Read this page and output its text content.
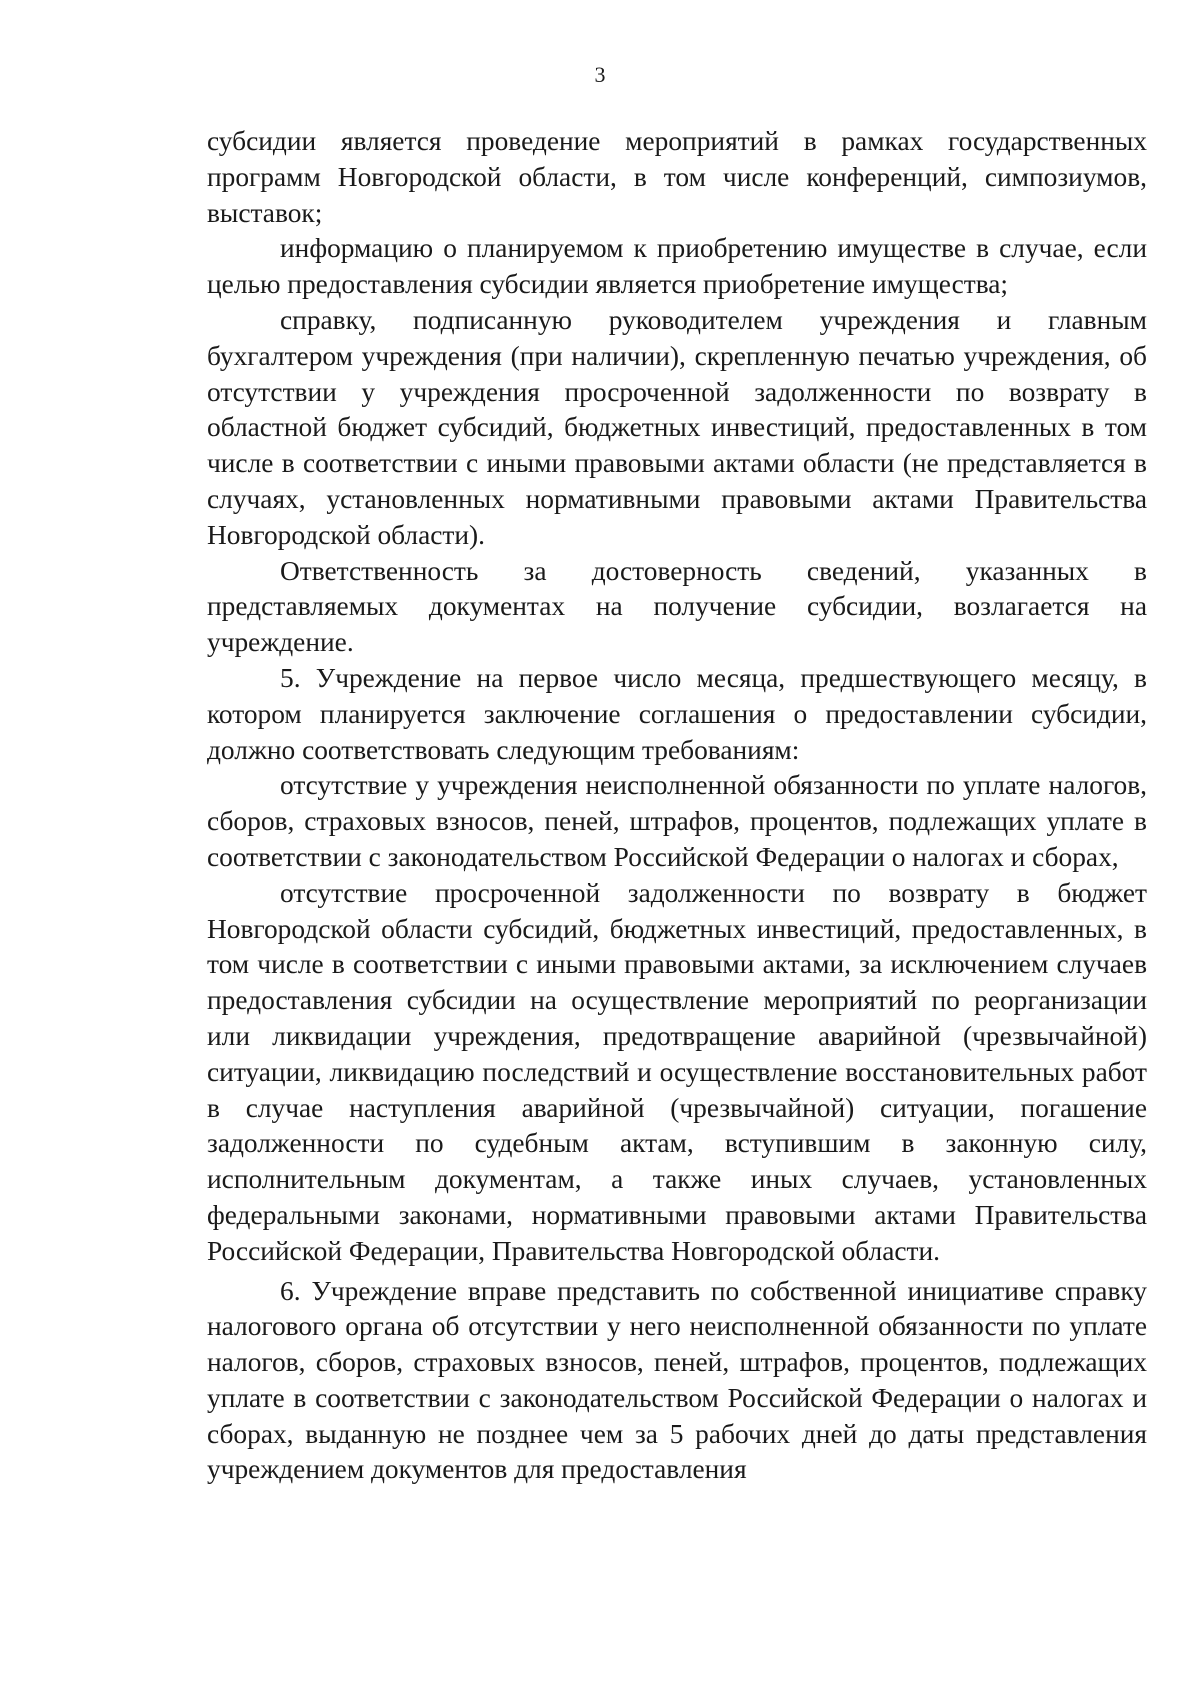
3

субсидии является проведение мероприятий в рамках государственных программ Новгородской области, в том числе конференций, симпозиумов, выставок;

информацию о планируемом к приобретению имуществе в случае, если целью предоставления субсидии является приобретение имущества;

справку, подписанную руководителем учреждения и главным бухгалтером учреждения (при наличии), скрепленную печатью учреждения, об отсутствии у учреждения просроченной задолженности по возврату в областной бюджет субсидий, бюджетных инвестиций, предоставленных в том числе в соответствии с иными правовыми актами области (не представляется в случаях, установленных нормативными правовыми актами Правительства Новгородской области).

Ответственность за достоверность сведений, указанных в представляемых документах на получение субсидии, возлагается на учреждение.

5. Учреждение на первое число месяца, предшествующего месяцу, в котором планируется заключение соглашения о предоставлении субсидии, должно соответствовать следующим требованиям:

отсутствие у учреждения неисполненной обязанности по уплате налогов, сборов, страховых взносов, пеней, штрафов, процентов, подлежащих уплате в соответствии с законодательством Российской Федерации о налогах и сборах,

отсутствие просроченной задолженности по возврату в бюджет Новгородской области субсидий, бюджетных инвестиций, предоставленных, в том числе в соответствии с иными правовыми актами, за исключением случаев предоставления субсидии на осуществление мероприятий по реорганизации или ликвидации учреждения, предотвращение аварийной (чрезвычайной) ситуации, ликвидацию последствий и осуществление восстановительных работ в случае наступления аварийной (чрезвычайной) ситуации, погашение задолженности по судебным актам, вступившим в законную силу, исполнительным документам, а также иных случаев, установленных федеральными законами, нормативными правовыми актами Правительства Российской Федерации, Правительства Новгородской области.

6. Учреждение вправе представить по собственной инициативе справку налогового органа об отсутствии у него неисполненной обязанности по уплате налогов, сборов, страховых взносов, пеней, штрафов, процентов, подлежащих уплате в соответствии с законодательством Российской Федерации о налогах и сборах, выданную не позднее чем за 5 рабочих дней до даты представления учреждением документов для предоставления
